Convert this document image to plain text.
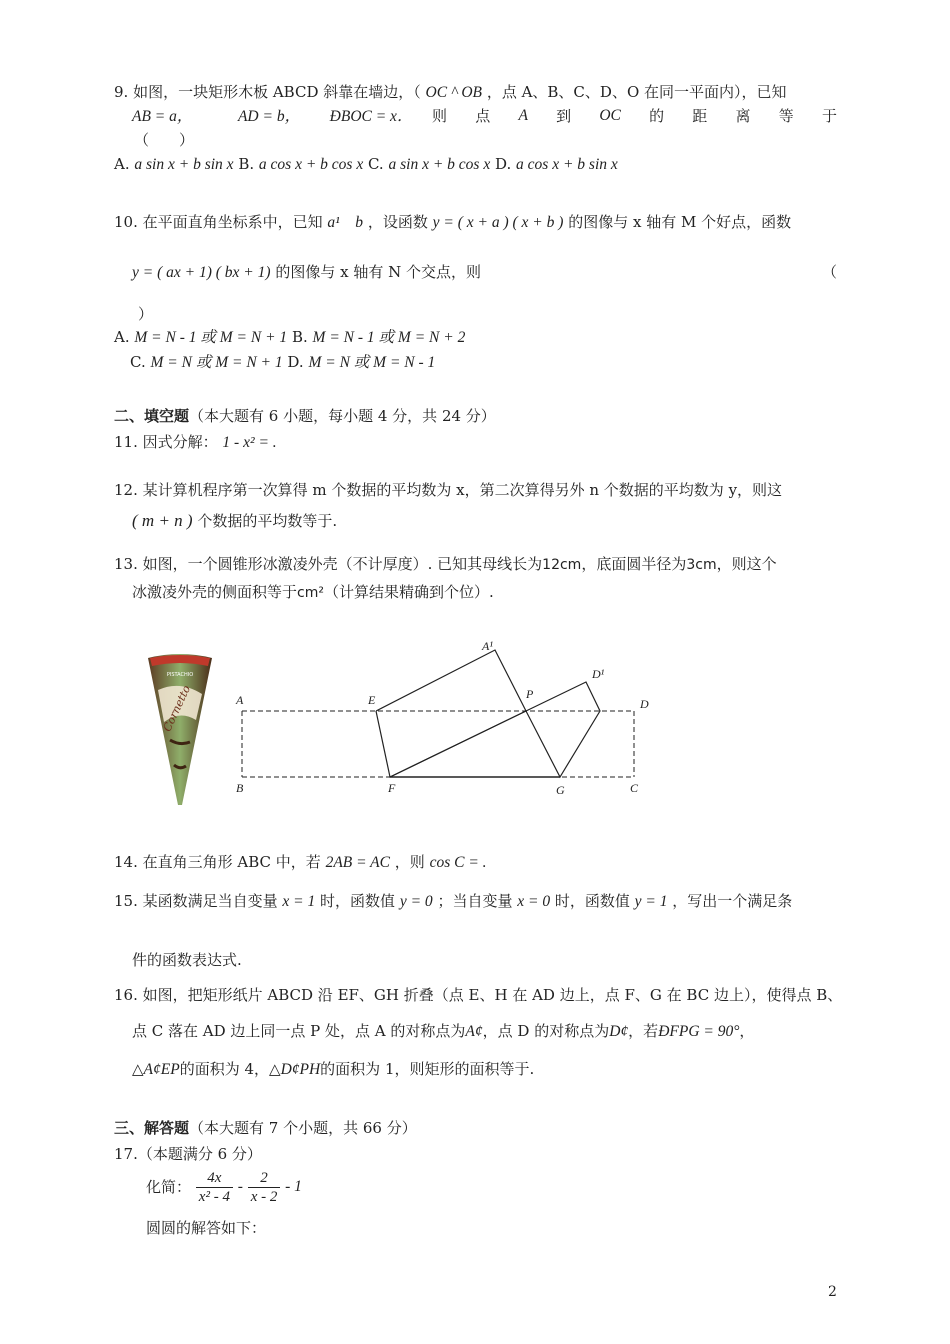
9. 如图，一块矩形木板 ABCD 斜靠在墙边，（ OC ^ OB ，点 A、B、C、D、O 在同一平面内），已知
AB = a，	AD = b， ÐBOC = x． 则 点 A 到 OC 的 距 离 等 于
（　　）
A. a sin x + b sin x B. a cos x + b cos x C. a sin x + b cos x D. a cos x + b sin x
10. 在平面直角坐标系中，已知 a¹　b ，设函数 y = ( x + a ) ( x + b ) 的图像与 x 轴有 M 个好点，函数
y = ( ax + 1) ( bx + 1) 的图像与 x 轴有 N 个交点，则	（
）
A. M = N - 1 或 M = N + 1 B. M = N - 1 或 M = N + 2
C. M = N 或 M = N + 1 D. M = N 或 M = N - 1
二、填空题（本大题有 6 小题，每小题 4 分，共 24 分）
11. 因式分解： 1 - x² = .
12. 某计算机程序第一次算得 m 个数据的平均数为 x，第二次算得另外 n 个数据的平均数为 y，则这
( m + n ) 个数据的平均数等于.
13. 如图，一个圆锥形冰激凌外壳（不计厚度）. 已知其母线长为12cm，底面圆半径为3cm，则这个
冰激凌外壳的侧面积等于cm²（计算结果精确到个位）.
PISTACHIO
Cornetto	A
B	C
D
E
F	G
P
A¹
D¹
14. 在直角三角形 ABC 中，若 2AB = AC ，则 cos C = .
15. 某函数满足当自变量 x = 1 时，函数值 y = 0 ；当自变量 x = 0 时，函数值 y = 1 ，写出一个满足条
件的函数表达式.
16. 如图，把矩形纸片 ABCD 沿 EF、GH 折叠（点 E、H 在 AD 边上，点 F、G 在 BC 边上），使得点 B、
点 C 落在 AD 边上同一点 P 处，点 A 的对称点为A¢，点 D 的对称点为D¢，若ÐFPG = 90°，
△A¢EP的面积为 4，△D¢PH的面积为 1，则矩形的面积等于.
三、解答题（本大题有 7 个小题，共 66 分）
17.（本题满分 6 分）
化简： $\frac{4x}{\text{x² - 4}} - \frac{2}{x - 2} - 1$
圆圆的解答如下：
2
